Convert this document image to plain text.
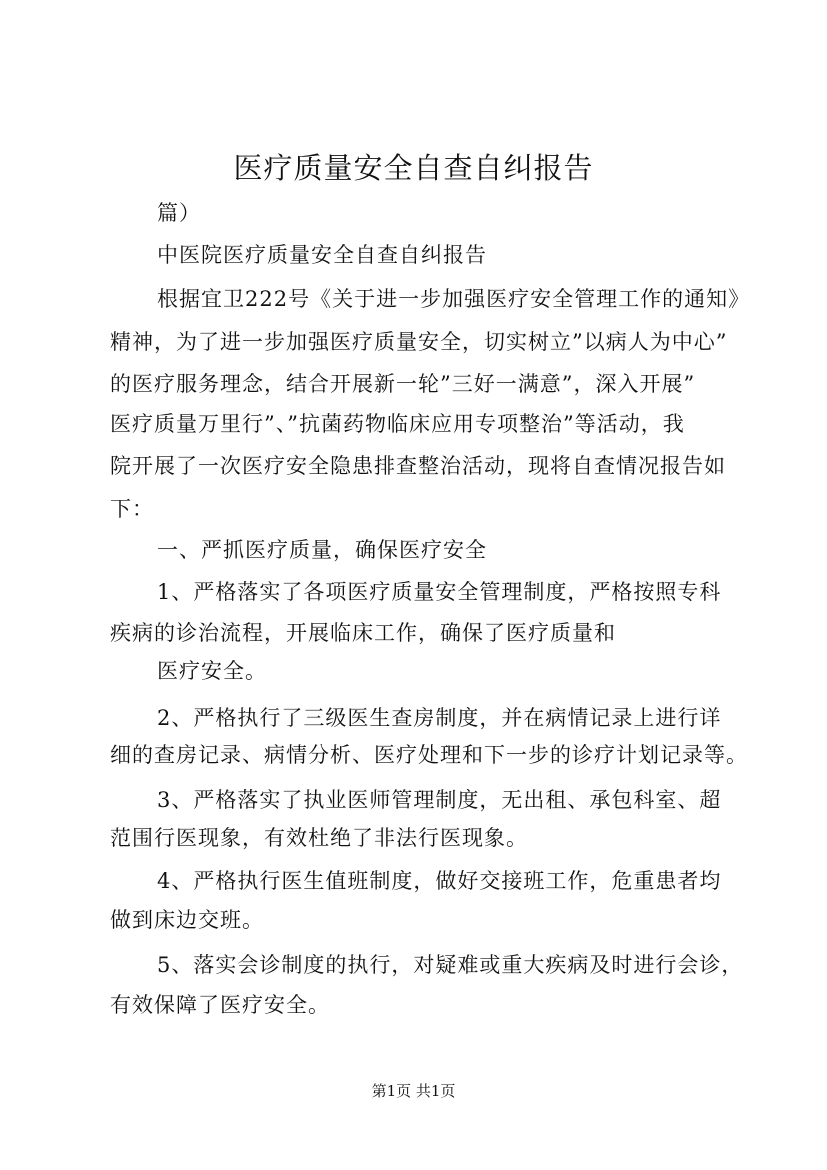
医疗质量安全自查自纠报告
篇）
中医院医疗质量安全自查自纠报告
根据宜卫222号《关于进一步加强医疗安全管理工作的通知》
精神，为了进一步加强医疗质量安全，切实树立”以病人为中心”
的医疗服务理念，结合开展新一轮”三好一满意”，深入开展”
医疗质量万里行”、”抗菌药物临床应用专项整治”等活动，我
院开展了一次医疗安全隐患排查整治活动，现将自查情况报告如
下：
一、严抓医疗质量，确保医疗安全
1、严格落实了各项医疗质量安全管理制度，严格按照专科
疾病的诊治流程，开展临床工作，确保了医疗质量和
医疗安全。
2、严格执行了三级医生查房制度，并在病情记录上进行详
细的查房记录、病情分析、医疗处理和下一步的诊疗计划记录等。
3、严格落实了执业医师管理制度，无出租、承包科室、超
范围行医现象，有效杜绝了非法行医现象。
4、严格执行医生值班制度，做好交接班工作，危重患者均
做到床边交班。
5、落实会诊制度的执行，对疑难或重大疾病及时进行会诊，
有效保障了医疗安全。
第1页 共1页
